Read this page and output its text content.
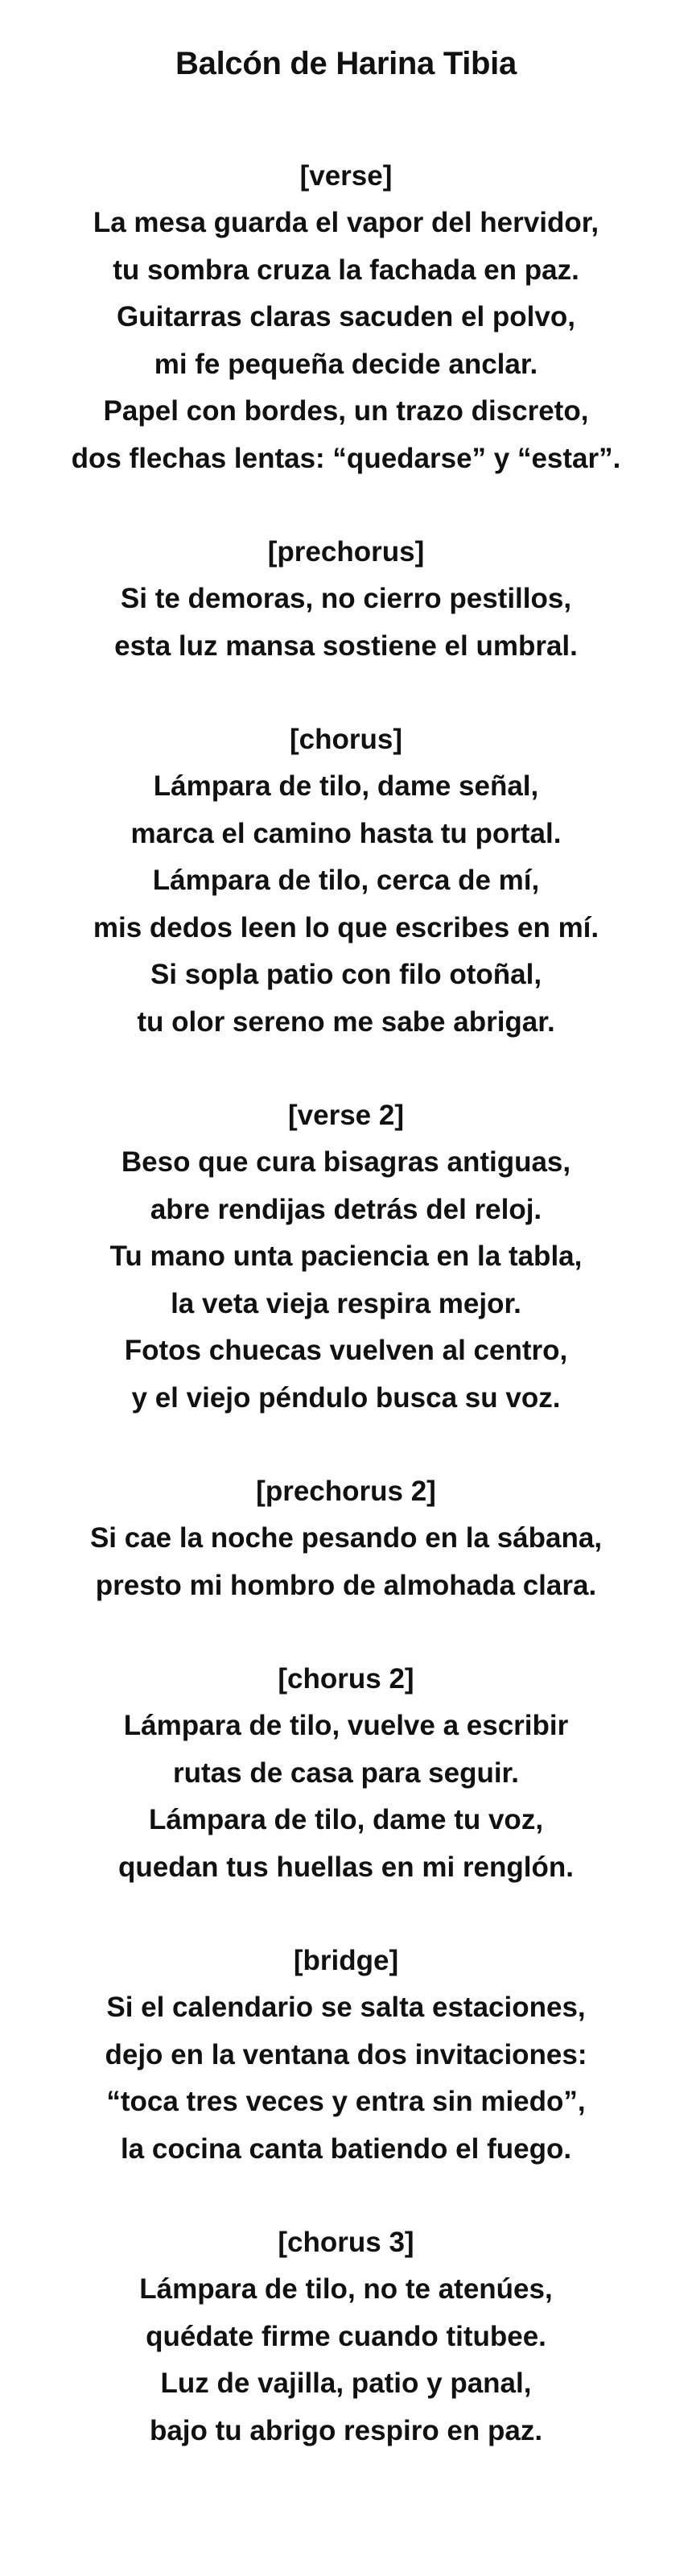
Balcón de Harina Tibia
[verse]
La mesa guarda el vapor del hervidor,
tu sombra cruza la fachada en paz.
Guitarras claras sacuden el polvo,
mi fe pequeña decide anclar.
Papel con bordes, un trazo discreto,
dos flechas lentas: “quedarse” y “estar”.
[prechorus]
Si te demoras, no cierro pestillos,
esta luz mansa sostiene el umbral.
[chorus]
Lámpara de tilo, dame señal,
marca el camino hasta tu portal.
Lámpara de tilo, cerca de mí,
mis dedos leen lo que escribes en mí.
Si sopla patio con filo otoñal,
tu olor sereno me sabe abrigar.
[verse 2]
Beso que cura bisagras antiguas,
abre rendijas detrás del reloj.
Tu mano unta paciencia en la tabla,
la veta vieja respira mejor.
Fotos chuecas vuelven al centro,
y el viejo péndulo busca su voz.
[prechorus 2]
Si cae la noche pesando en la sábana,
presto mi hombro de almohada clara.
[chorus 2]
Lámpara de tilo, vuelve a escribir
rutas de casa para seguir.
Lámpara de tilo, dame tu voz,
quedan tus huellas en mi renglón.
[bridge]
Si el calendario se salta estaciones,
dejo en la ventana dos invitaciones:
“toca tres veces y entra sin miedo”,
la cocina canta batiendo el fuego.
[chorus 3]
Lámpara de tilo, no te atenúes,
quédate firme cuando titubee.
Luz de vajilla, patio y panal,
bajo tu abrigo respiro en paz.
